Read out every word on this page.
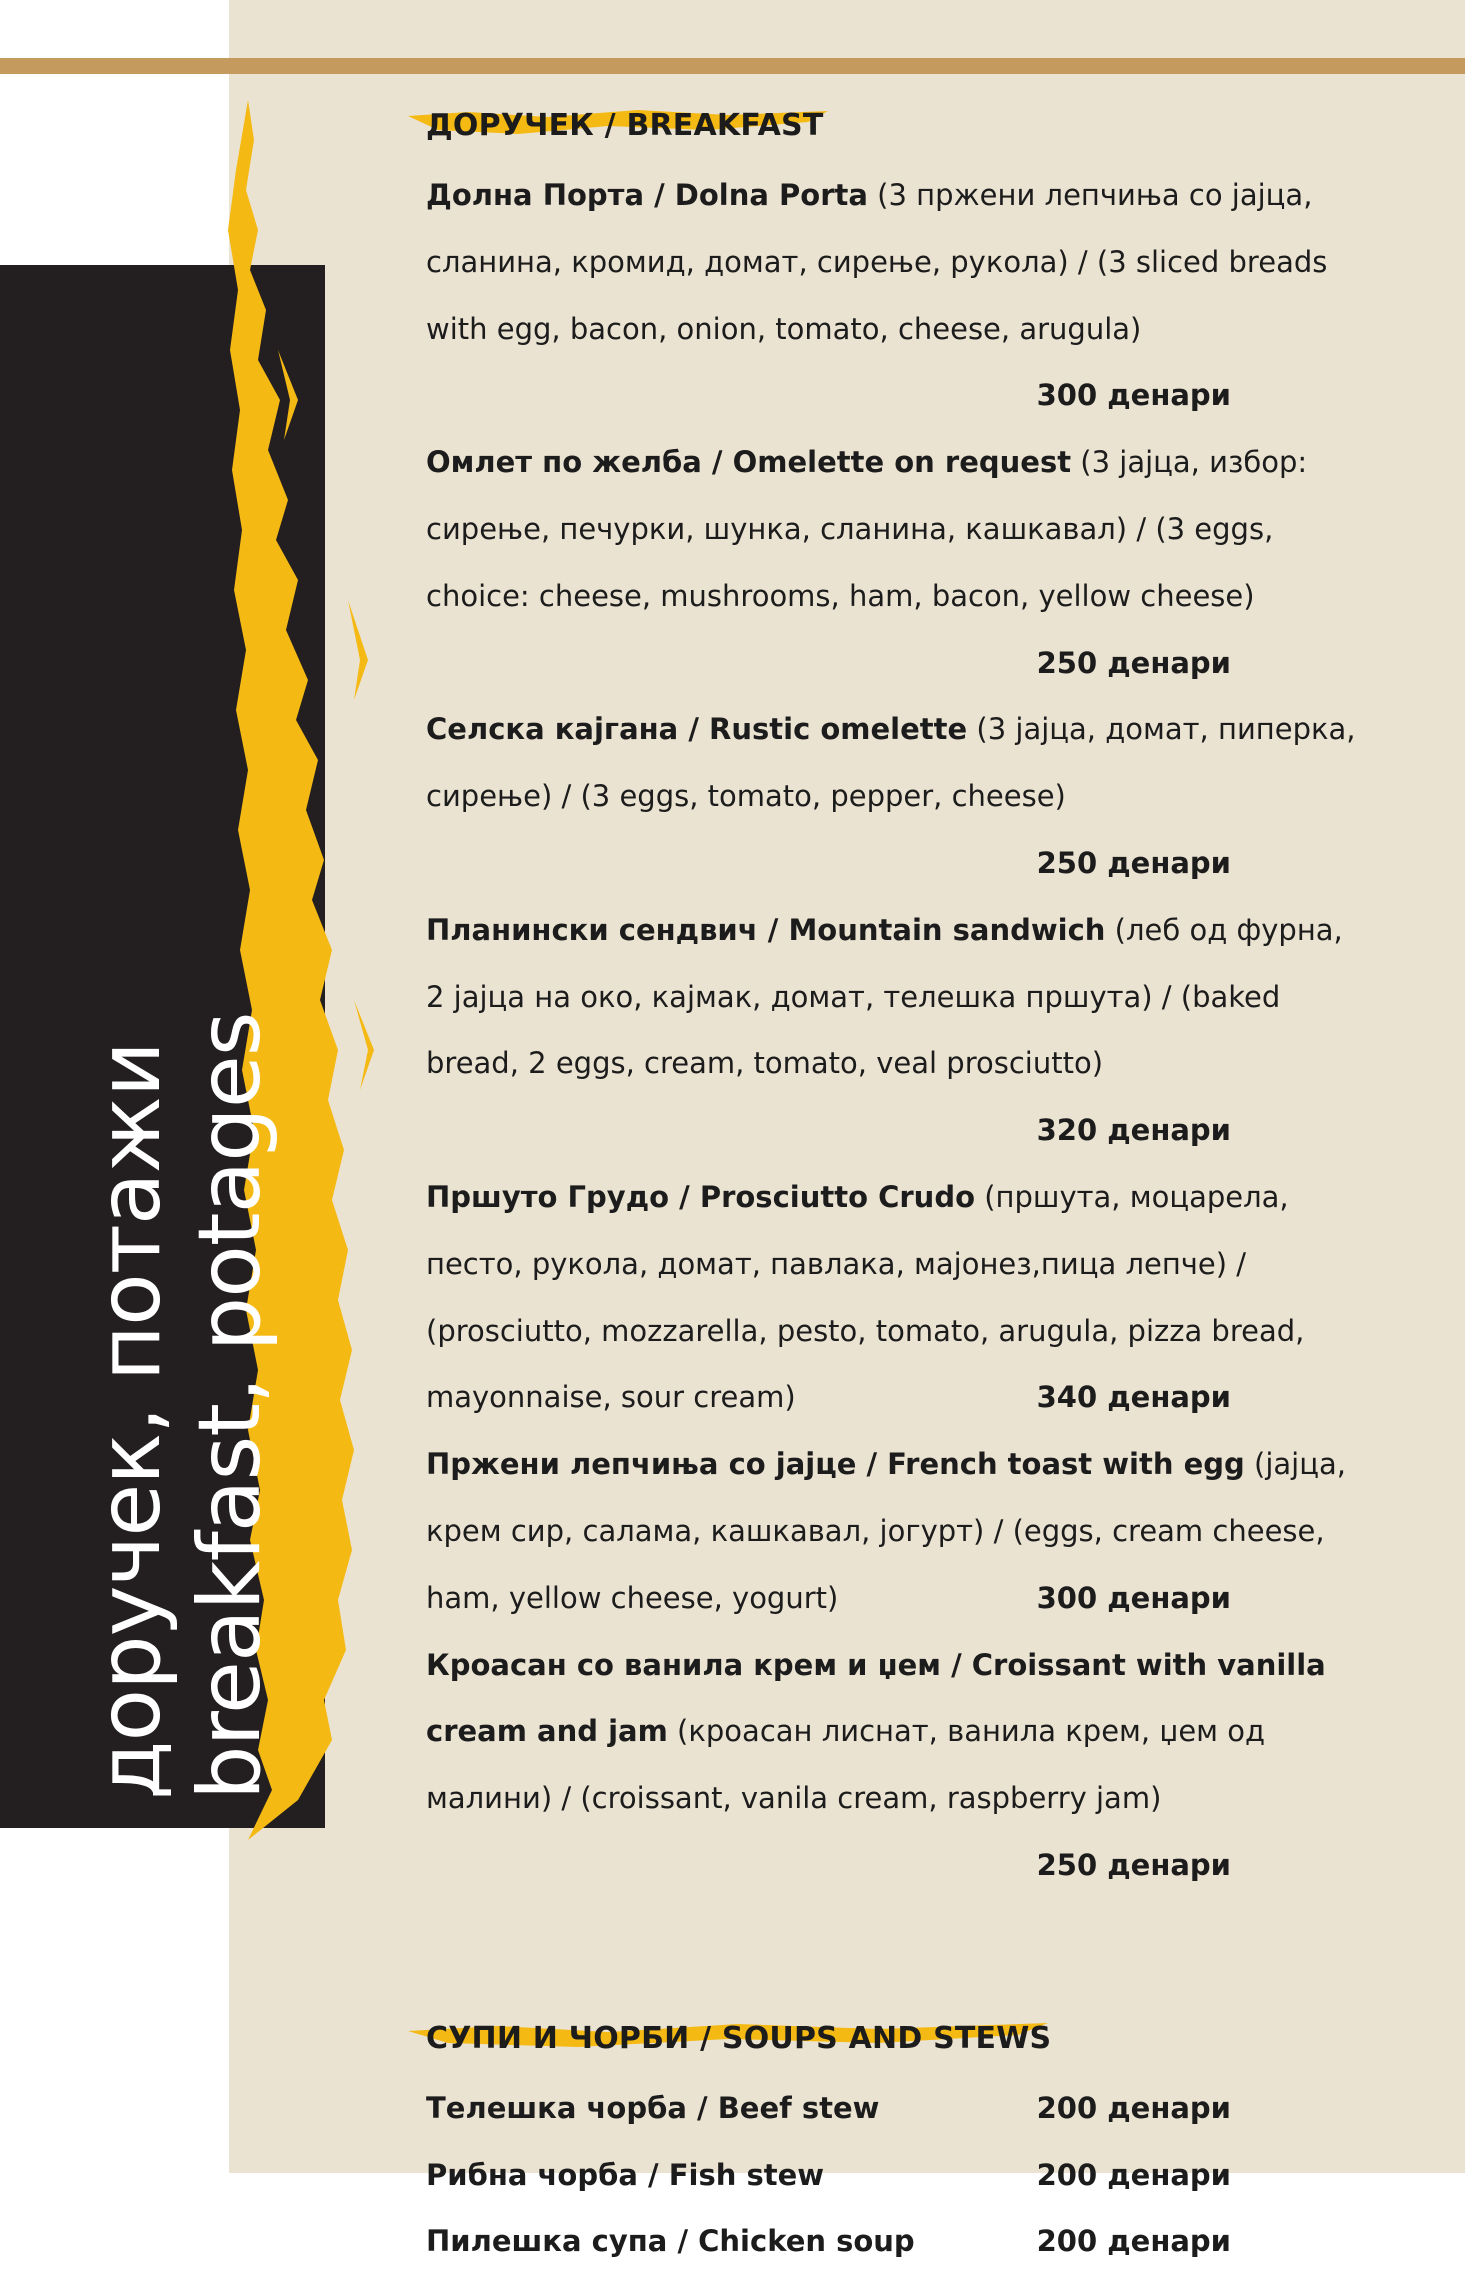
доручек, потажи breakfast, potages
ДОРУЧЕК / BREAKFAST
Долна Порта / Dolna Porta (3 пржени лепчиња со јајца, сланина, кромид, домат, сирење, рукола) / (3 sliced breads with egg, bacon, onion, tomato, cheese, arugula)
300 денари
Омлет по желба / Omelette on request (3 јајца, избор: сирење, печурки, шунка, сланина, кашкавал) / (3 eggs, choice: cheese, mushrooms, ham, bacon, yellow cheese)
250 денари
Селска кајгана / Rustic omelette (3 јајца, домат, пиперка, сирење) / (3 eggs, tomato, pepper, cheese)
250 денари
Планински сендвич / Mountain sandwich (леб од фурна, 2 јајца на око, кајмак, домат, телешка пршута) / (baked bread, 2 eggs, cream, tomato, veal prosciutto)
320 денари
Пршуто Грудо / Prosciutto Crudo (пршута, моцарела, песто, рукола, домат, павлака, мајонез,пица лепче) / (prosciutto, mozzarella, pesto, tomato, arugula, pizza bread, mayonnaise, sour cream)	340 денари
Пржени лепчиња со јајце / French toast with egg (јајца, крем сир, салама, кашкавал, јогурт) / (eggs, cream cheese, ham, yellow cheese, yogurt)	300 денари
Кроасан со ванила крем и џем / Croissant with vanilla cream and jam (кроасан лиснат, ванила крем, џем од малини) / (croissant, vanila cream, raspberry jam)
250 денари
СУПИ И ЧОРБИ / SOUPS AND STEWS
Телешка чорба / Beef stew	200 денари
Рибна чорба / Fish stew	200 денари
Пилешка супа / Chicken soup	200 денари
